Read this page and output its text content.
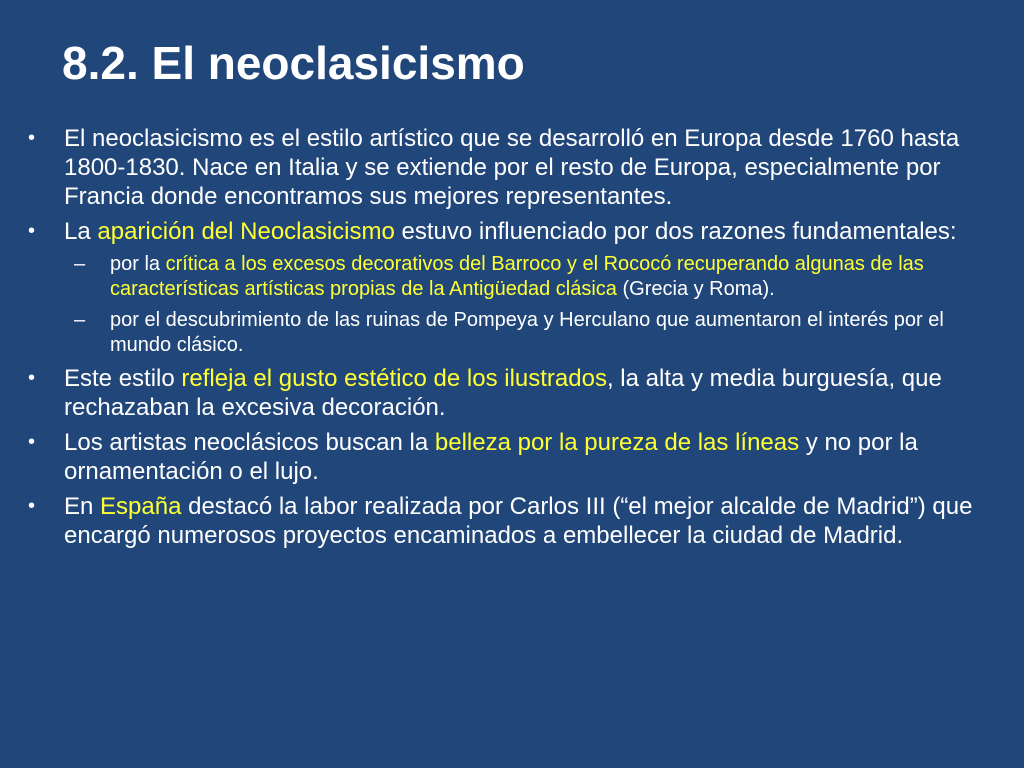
8.2. El neoclasicismo
•	El neoclasicismo es el estilo artístico que se desarrolló en Europa desde 1760 hasta 1800-1830. Nace en Italia y se extiende por el resto de Europa, especialmente por Francia donde encontramos sus mejores representantes.
•	La aparición del Neoclasicismo estuvo influenciado por dos razones fundamentales:
– por la crítica a los excesos decorativos del Barroco y el Rococó recuperando algunas de las características artísticas propias de la Antigüedad clásica (Grecia y Roma).
– por el descubrimiento de las ruinas de Pompeya y Herculano que aumentaron el interés por el mundo clásico.
•	Este estilo refleja el gusto estético de los ilustrados, la alta y media burguesía, que rechazaban la excesiva decoración.
•	Los artistas neoclásicos buscan la belleza por la pureza de las líneas y no por la ornamentación o el lujo.
•	En España destacó la labor realizada por Carlos III (“el mejor alcalde de Madrid”) que encargó numerosos proyectos encaminados a embellecer la ciudad de Madrid.
